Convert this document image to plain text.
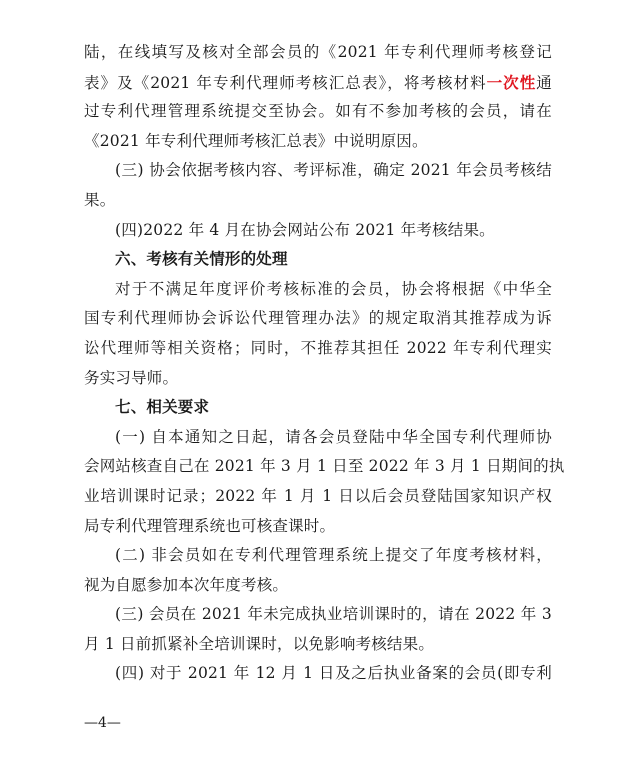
陆，在线填写及核对全部会员的《2021 年专利代理师考核登记
表》及《2021 年专利代理师考核汇总表》，将考核材料一次性通
过专利代理管理系统提交至协会。如有不参加考核的会员，请在
《2021 年专利代理师考核汇总表》中说明原因。
(三) 协会依据考核内容、考评标准，确定 2021 年会员考核结
果。
(四)2022 年 4 月在协会网站公布 2021 年考核结果。
六、考核有关情形的处理
对于不满足年度评价考核标准的会员，协会将根据《中华全
国专利代理师协会诉讼代理管理办法》的规定取消其推荐成为诉
讼代理师等相关资格；同时，不推荐其担任 2022 年专利代理实
务实习导师。
七、相关要求
(一) 自本通知之日起，请各会员登陆中华全国专利代理师协
会网站核查自己在 2021 年 3 月 1 日至 2022 年 3 月 1 日期间的执
业培训课时记录；2022 年 1 月 1 日以后会员登陆国家知识产权
局专利代理管理系统也可核查课时。
(二) 非会员如在专利代理管理系统上提交了年度考核材料，
视为自愿参加本次年度考核。
(三) 会员在 2021 年未完成执业培训课时的，请在 2022 年 3
月 1 日前抓紧补全培训课时，以免影响考核结果。
(四) 对于 2021 年 12 月 1 日及之后执业备案的会员(即专利
—4—
